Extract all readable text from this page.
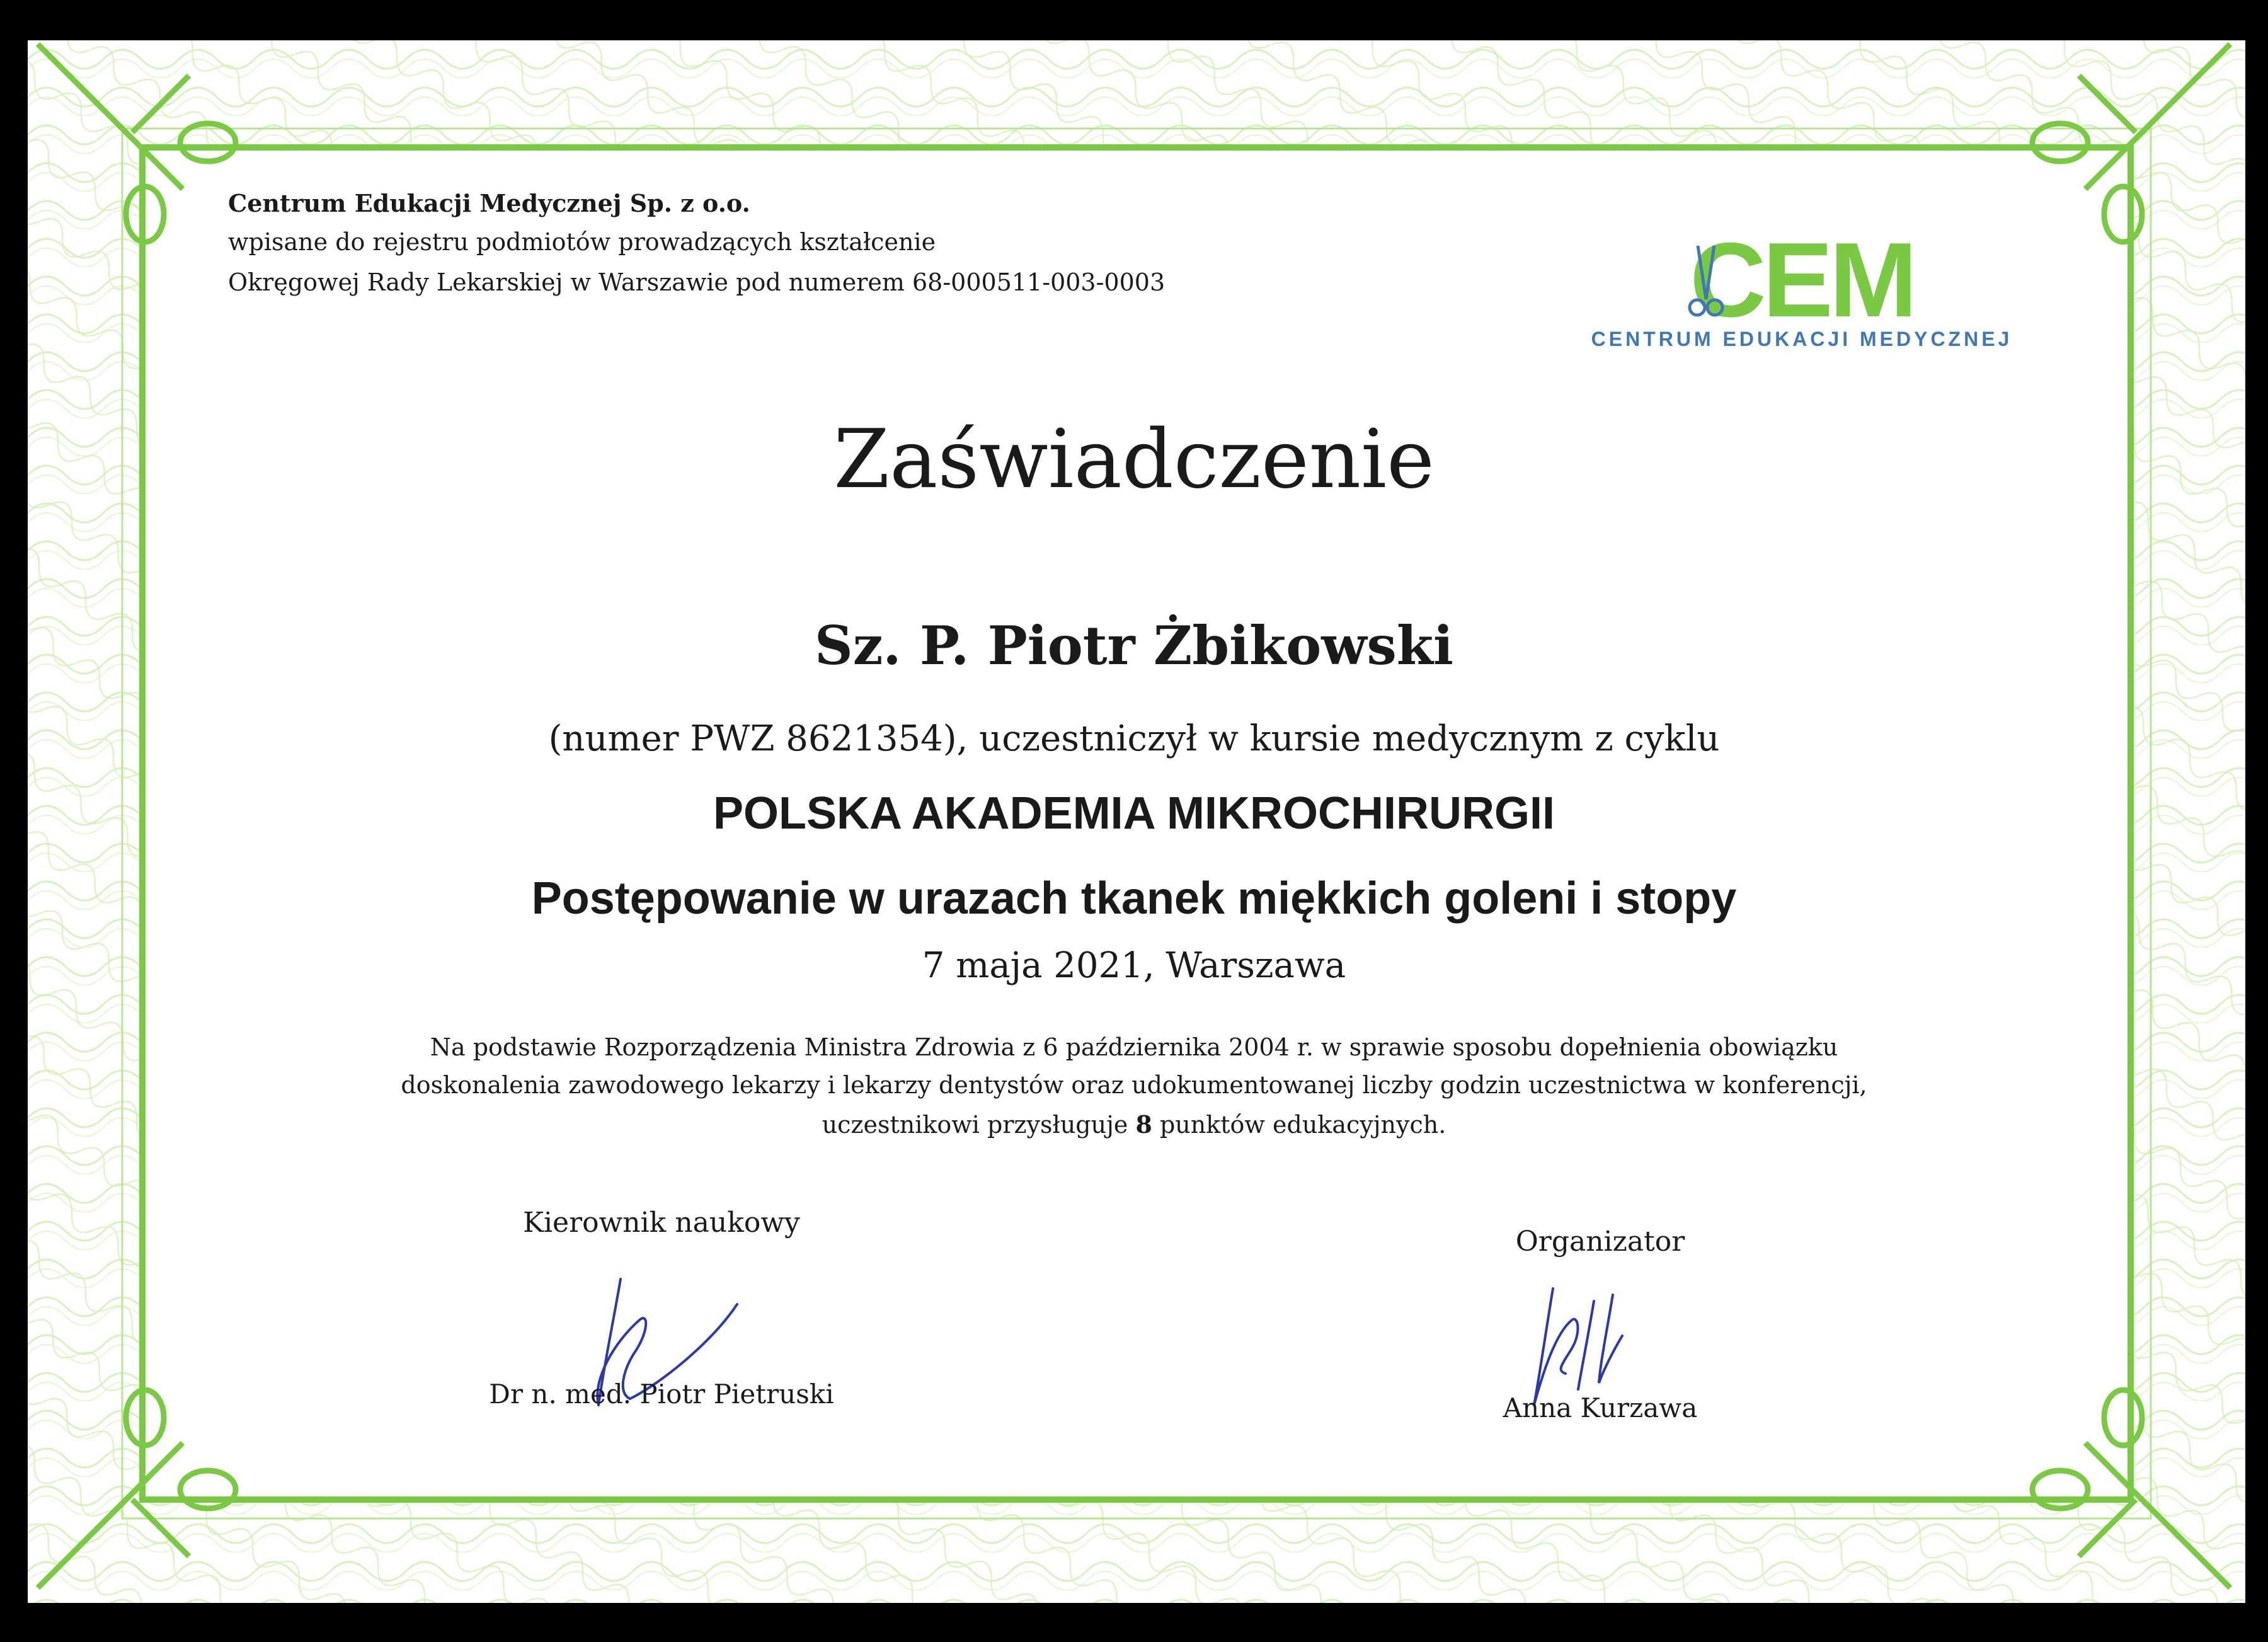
Centrum Edukacji Medycznej Sp. z o.o.

wpisane do rejestru podmiotów prowadzących kształcenie

Okręgowej Rady Lekarskiej w Warszawie pod numerem 68-000511-003-0003	CEM

CENTRUM EDUKACJI MEDYCZNEJ

Zaświadczenie

Sz. P. Piotr Żbikowski

(numer PWZ 8621354), uczestniczył w kursie medycznym z cyklu

POLSKA AKADEMIA MIKROCHIRURGII

Postępowanie w urazach tkanek miękkich goleni i stopy

7 maja 2021, Warszawa

Na podstawie Rozporządzenia Ministra Zdrowia z 6 października 2004 r. w sprawie sposobu dopełnienia obowiązku

doskonalenia zawodowego lekarzy i lekarzy dentystów oraz udokumentowanej liczby godzin uczestnictwa w konferencji,

uczestnikowi przysługuje 8 punktów edukacyjnych.

Kierownik naukowy

Dr n. med. Piotr Pietruski

Organizator

Anna Kurzawa
